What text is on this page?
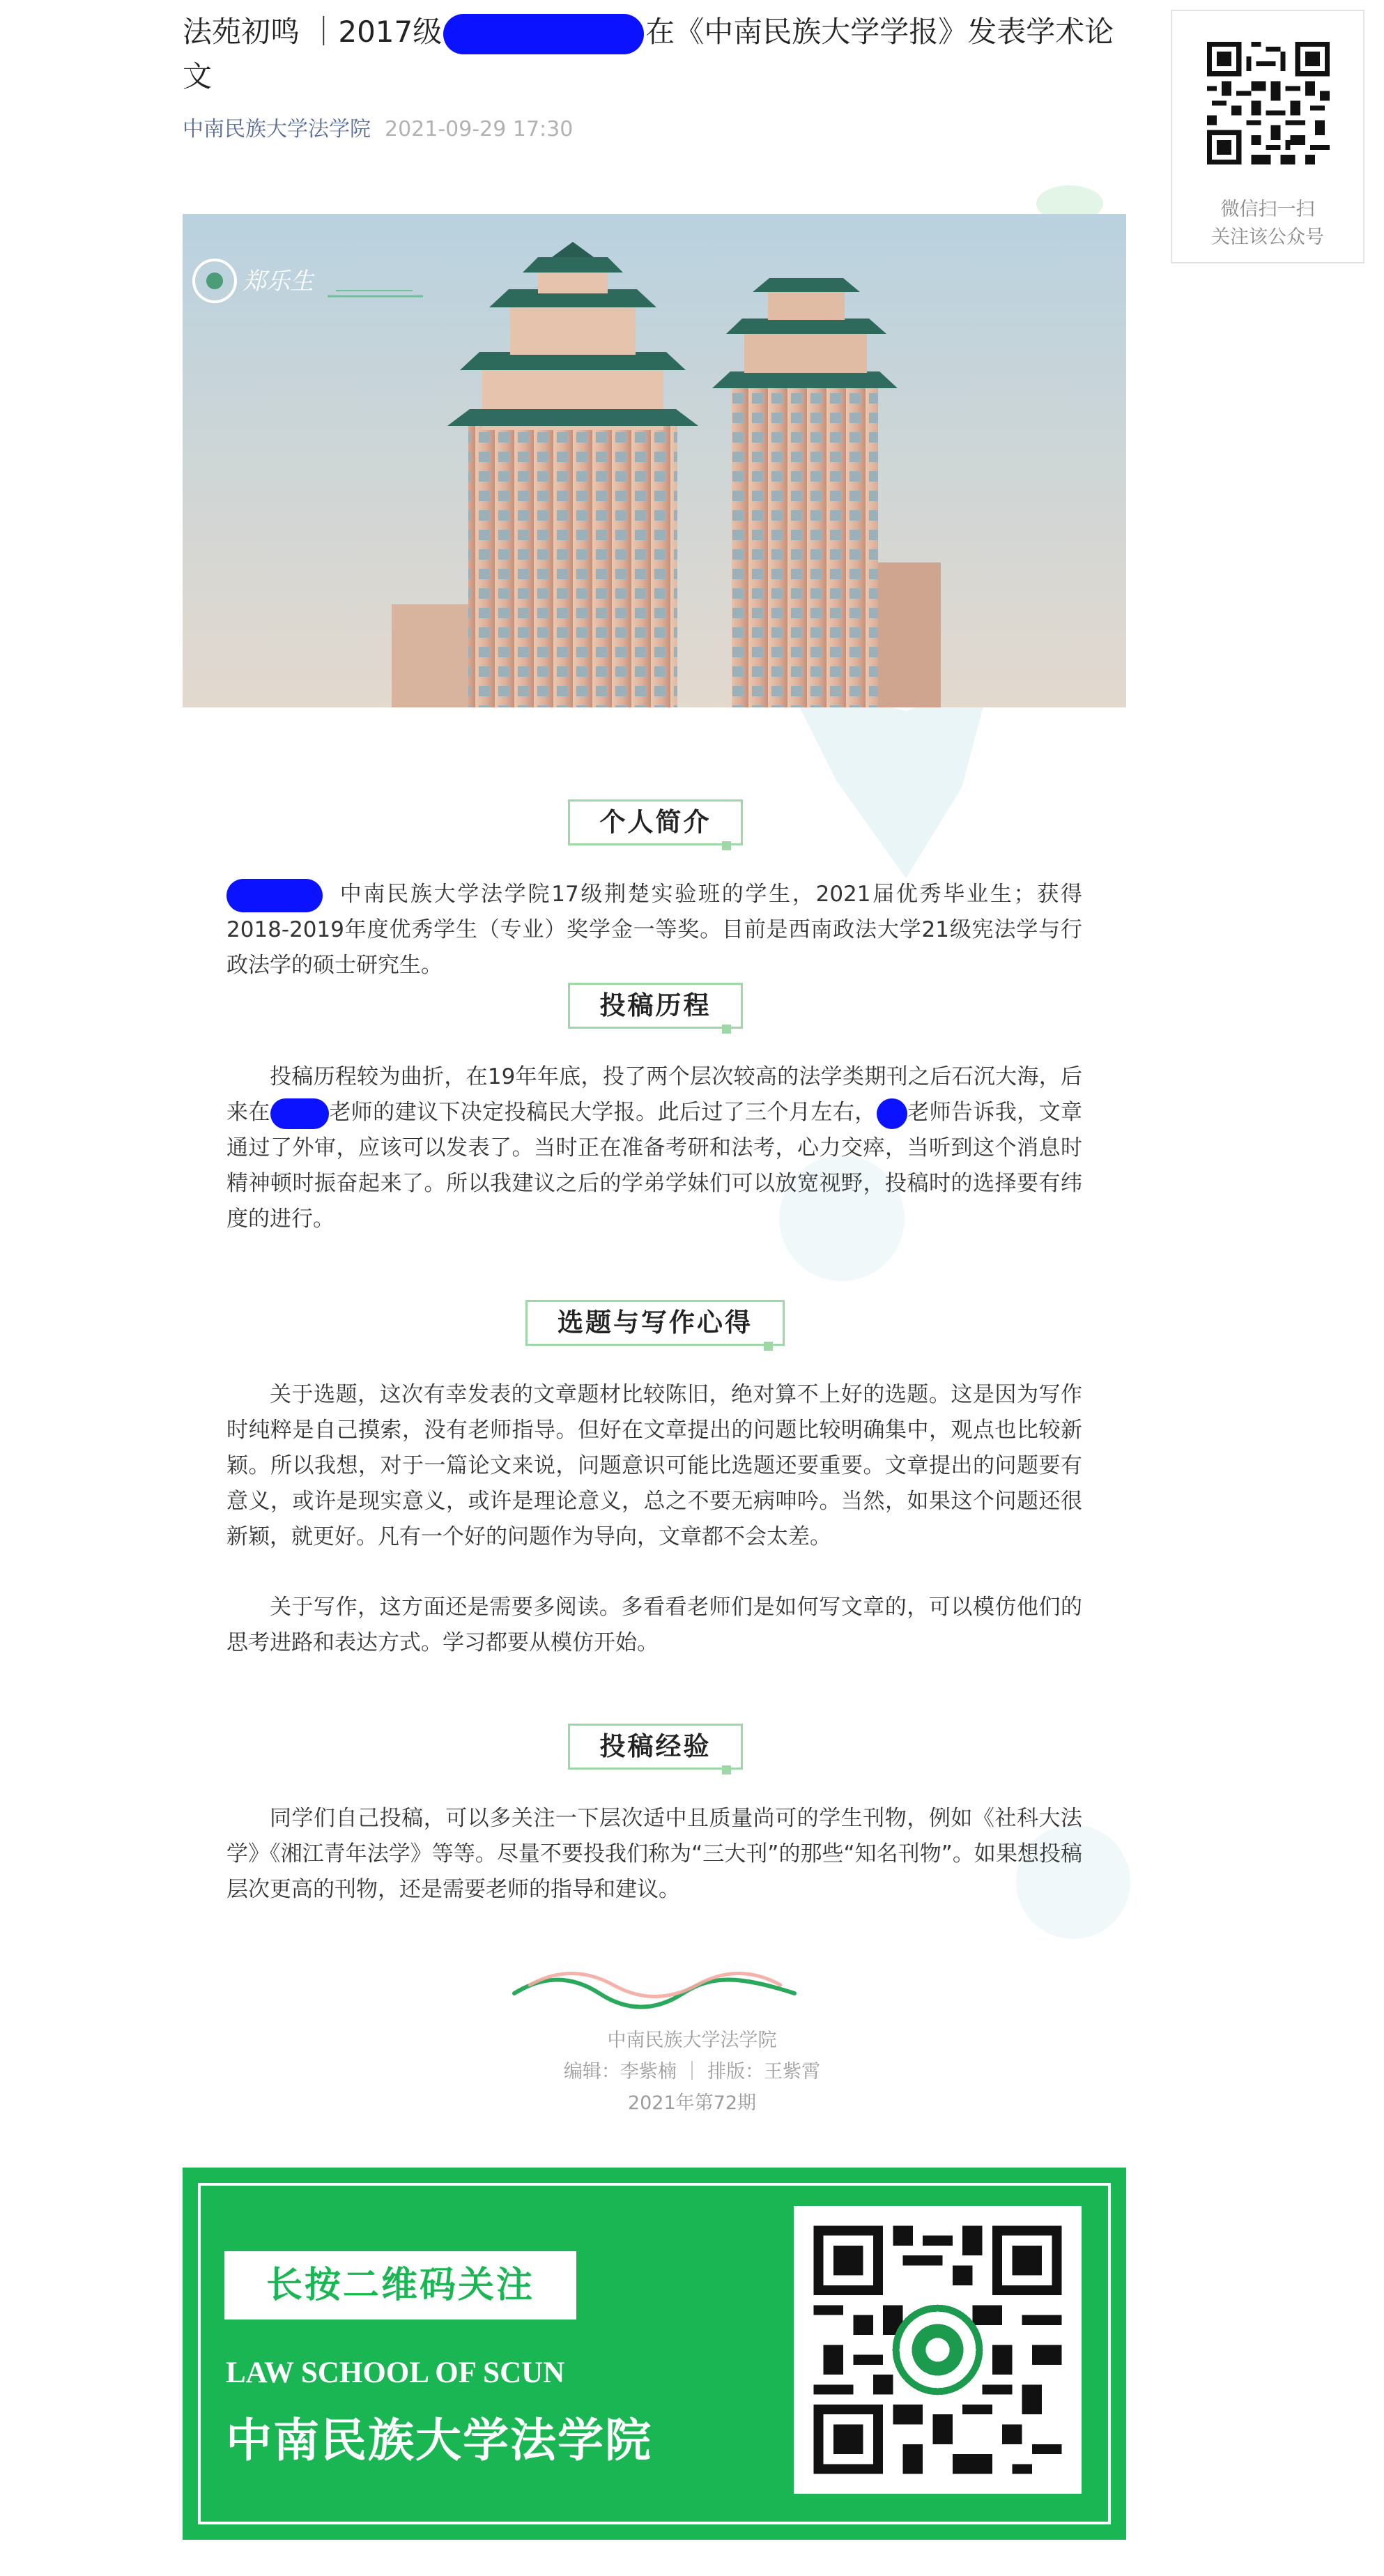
法苑初鸣 ｜2017级	在《中南民族大学学报》发表学术论文
中南民族大学法学院 2021-09-29 17:30
微信扫一扫
关注该公众号
郑乐生
个人简介

中南民族大学法学院17级荆楚实验班的学生，2021届优秀毕业生；获得2018-2019年度优秀学生（专业）奖学金一等奖。目前是西南政法大学21级宪法学与行政法学的硕士研究生。

投稿历程

投稿历程较为曲折，在19年年底，投了两个层次较高的法学类期刊之后石沉大海，后来在	老师的建议下决定投稿民大学报。此后过了三个月左右， 老师告诉我，文章通过了外审，应该可以发表了。当时正在准备考研和法考，心力交瘁，当听到这个消息时精神顿时振奋起来了。所以我建议之后的学弟学妹们可以放宽视野，投稿时的选择要有纬度的进行。

选题与写作心得

关于选题，这次有幸发表的文章题材比较陈旧，绝对算不上好的选题。这是因为写作时纯粹是自己摸索，没有老师指导。但好在文章提出的问题比较明确集中，观点也比较新颖。所以我想，对于一篇论文来说，问题意识可能比选题还要重要。文章提出的问题要有意义，或许是现实意义，或许是理论意义，总之不要无病呻吟。当然，如果这个问题还很新颖，就更好。凡有一个好的问题作为导向，文章都不会太差。

关于写作，这方面还是需要多阅读。多看看老师们是如何写文章的，可以模仿他们的思考进路和表达方式。学习都要从模仿开始。

投稿经验

同学们自己投稿，可以多关注一下层次适中且质量尚可的学生刊物，例如《社科大法学》《湘江青年法学》等等。尽量不要投我们称为“三大刊”的那些“知名刊物”。如果想投稿层次更高的刊物，还是需要老师的指导和建议。

中南民族大学法学院
编辑：李紫楠 ｜ 排版：王紫霄
2021年第72期
长按二维码关注
LAW SCHOOL OF SCUN
中南民族大学法学院
